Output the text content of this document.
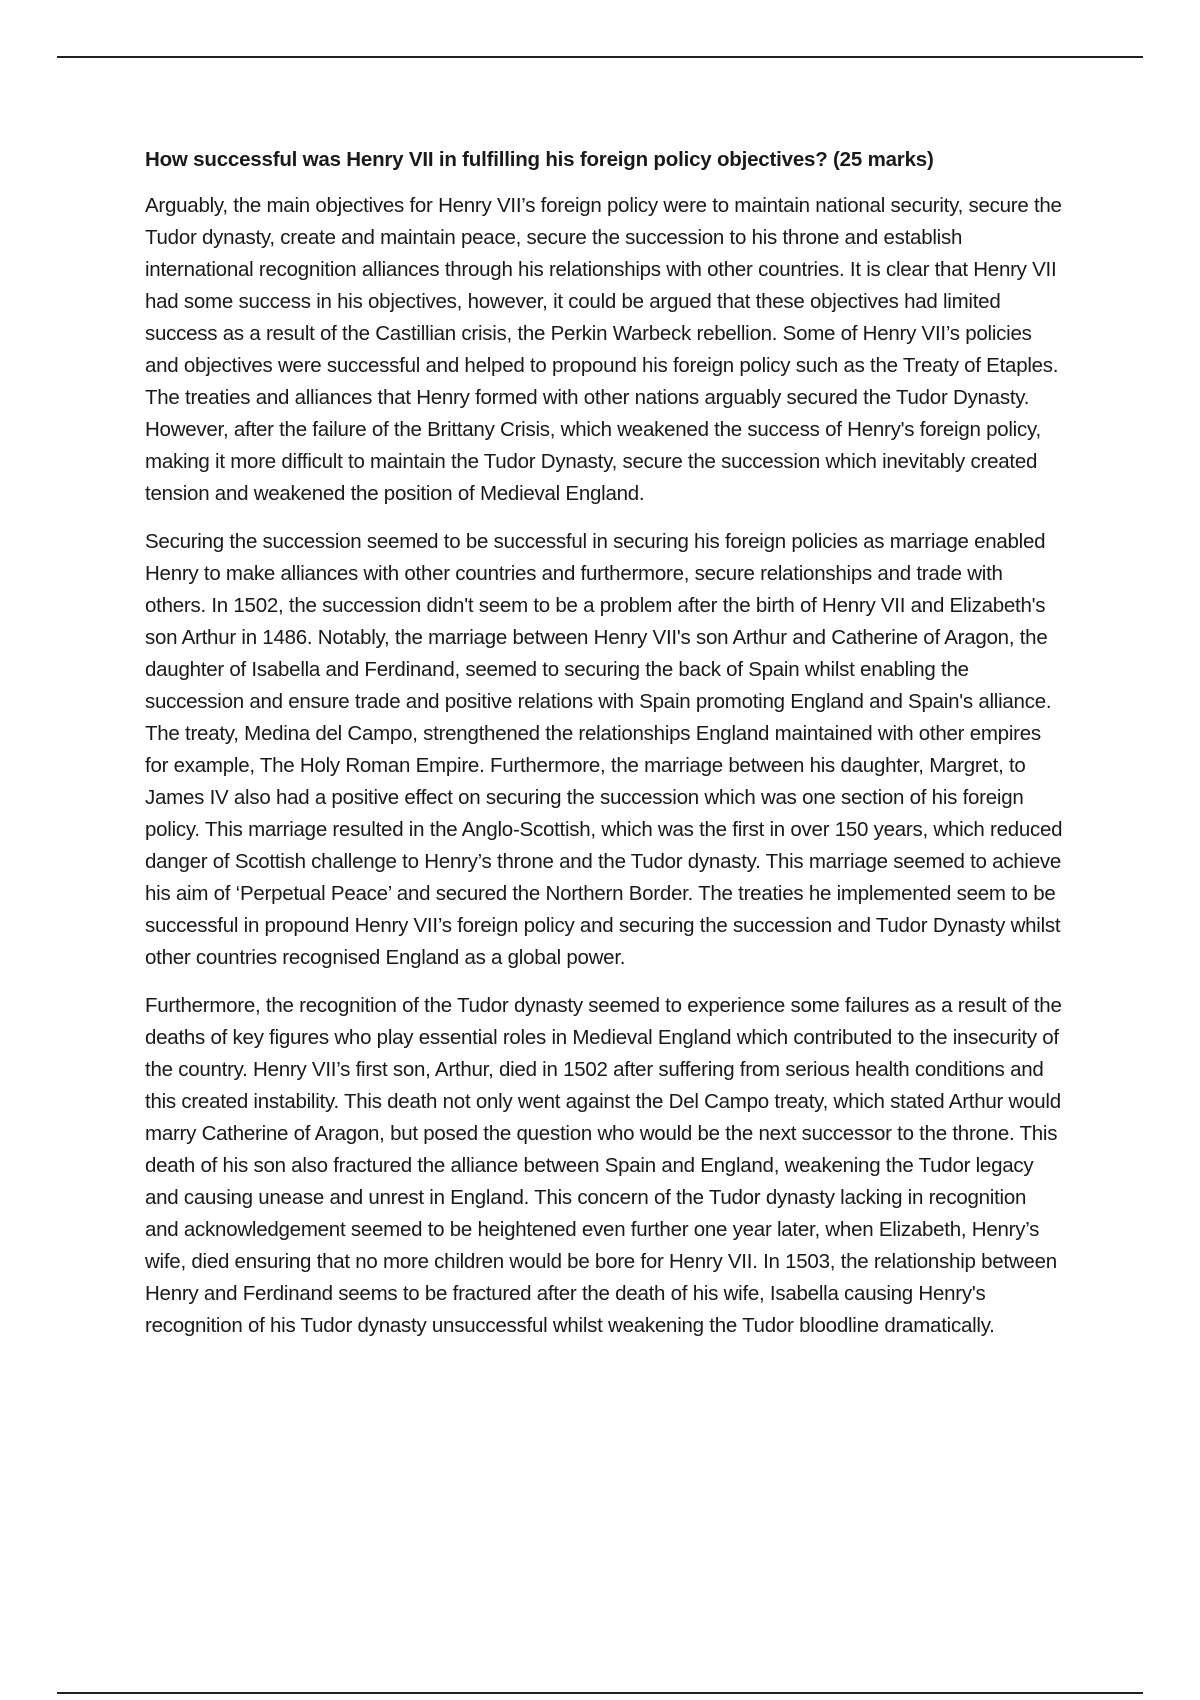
How successful was Henry VII in fulfilling his foreign policy objectives? (25 marks)

Arguably, the main objectives for Henry VII’s foreign policy were to maintain national security, secure the Tudor dynasty, create and maintain peace, secure the succession to his throne and establish international recognition alliances through his relationships with other countries. It is clear that Henry VII had some success in his objectives, however, it could be argued that these objectives had limited success as a result of the Castillian crisis, the Perkin Warbeck rebellion. Some of Henry VII’s policies and objectives were successful and helped to propound his foreign policy such as the Treaty of Etaples. The treaties and alliances that Henry formed with other nations arguably secured the Tudor Dynasty. However, after the failure of the Brittany Crisis, which weakened the success of Henry's foreign policy, making it more difficult to maintain the Tudor Dynasty, secure the succession which inevitably created tension and weakened the position of Medieval England.

Securing the succession seemed to be successful in securing his foreign policies as marriage enabled Henry to make alliances with other countries and furthermore, secure relationships and trade with others. In 1502, the succession didn't seem to be a problem after the birth of Henry VII and Elizabeth's son Arthur in 1486. Notably, the marriage between Henry VII's son Arthur and Catherine of Aragon, the daughter of Isabella and Ferdinand, seemed to securing the back of Spain whilst enabling the succession and ensure trade and positive relations with Spain promoting England and Spain's alliance. The treaty, Medina del Campo, strengthened the relationships England maintained with other empires for example, The Holy Roman Empire. Furthermore, the marriage between his daughter, Margret, to James IV also had a positive effect on securing the succession which was one section of his foreign policy. This marriage resulted in the Anglo-Scottish, which was the first in over 150 years, which reduced danger of Scottish challenge to Henry’s throne and the Tudor dynasty. This marriage seemed to achieve his aim of ‘Perpetual Peace’ and secured the Northern Border. The treaties he implemented seem to be successful in propound Henry VII’s foreign policy and securing the succession and Tudor Dynasty whilst other countries recognised England as a global power.

Furthermore, the recognition of the Tudor dynasty seemed to experience some failures as a result of the deaths of key figures who play essential roles in Medieval England which contributed to the insecurity of the country. Henry VII’s first son, Arthur, died in 1502 after suffering from serious health conditions and this created instability. This death not only went against the Del Campo treaty, which stated Arthur would marry Catherine of Aragon, but posed the question who would be the next successor to the throne. This death of his son also fractured the alliance between Spain and England, weakening the Tudor legacy and causing unease and unrest in England. This concern of the Tudor dynasty lacking in recognition and acknowledgement seemed to be heightened even further one year later, when Elizabeth, Henry’s wife, died ensuring that no more children would be bore for Henry VII. In 1503, the relationship between Henry and Ferdinand seems to be fractured after the death of his wife, Isabella causing Henry's recognition of his Tudor dynasty unsuccessful whilst weakening the Tudor bloodline dramatically.
